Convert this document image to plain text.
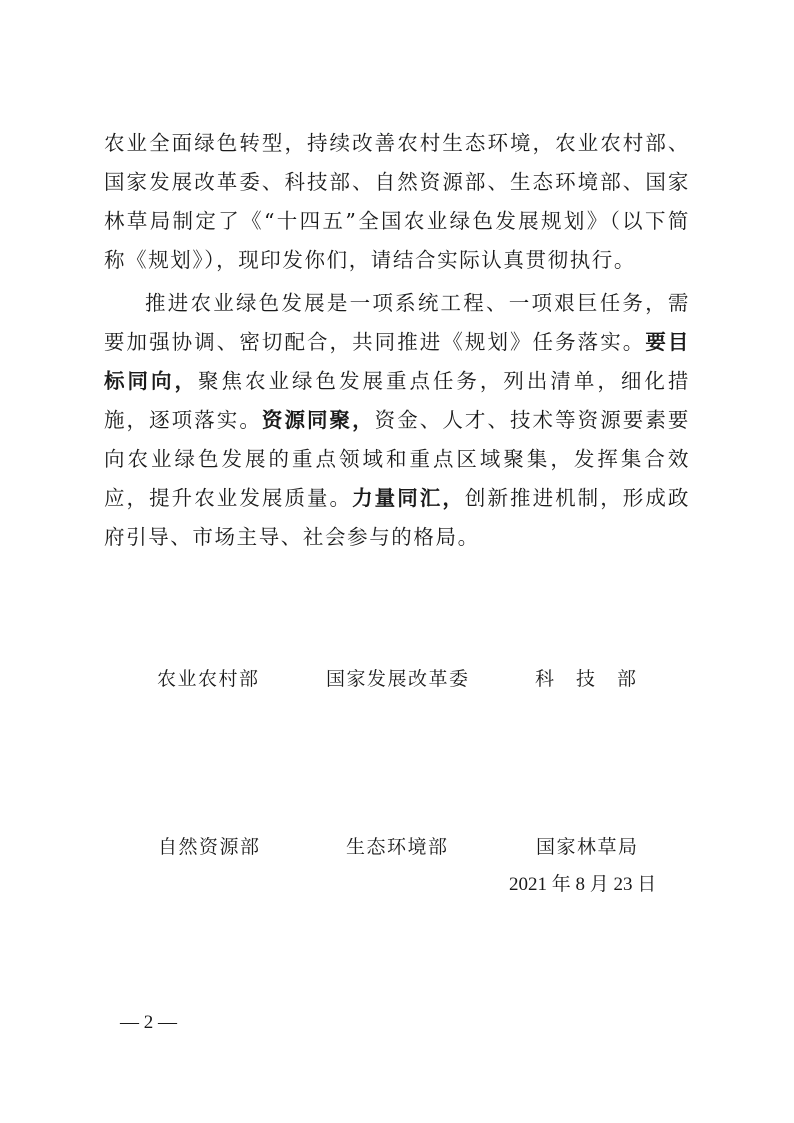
农业全面绿色转型，持续改善农村生态环境，农业农村部、国家发展改革委、科技部、自然资源部、生态环境部、国家林草局制定了《“十四五”全国农业绿色发展规划》（以下简称《规划》），现印发你们，请结合实际认真贯彻执行。

推进农业绿色发展是一项系统工程、一项艰巨任务，需要加强协调、密切配合，共同推进《规划》任务落实。要目标同向，聚焦农业绿色发展重点任务，列出清单，细化措施，逐项落实。资源同聚，资金、人才、技术等资源要素要向农业绿色发展的重点领域和重点区域聚集，发挥集合效应，提升农业发展质量。力量同汇，创新推进机制，形成政府引导、市场主导、社会参与的格局。

农业农村部	国家发展改革委	科　技　部
自然资源部	生态环境部	国家林草局
2021 年 8 月 23 日
— 2 —
